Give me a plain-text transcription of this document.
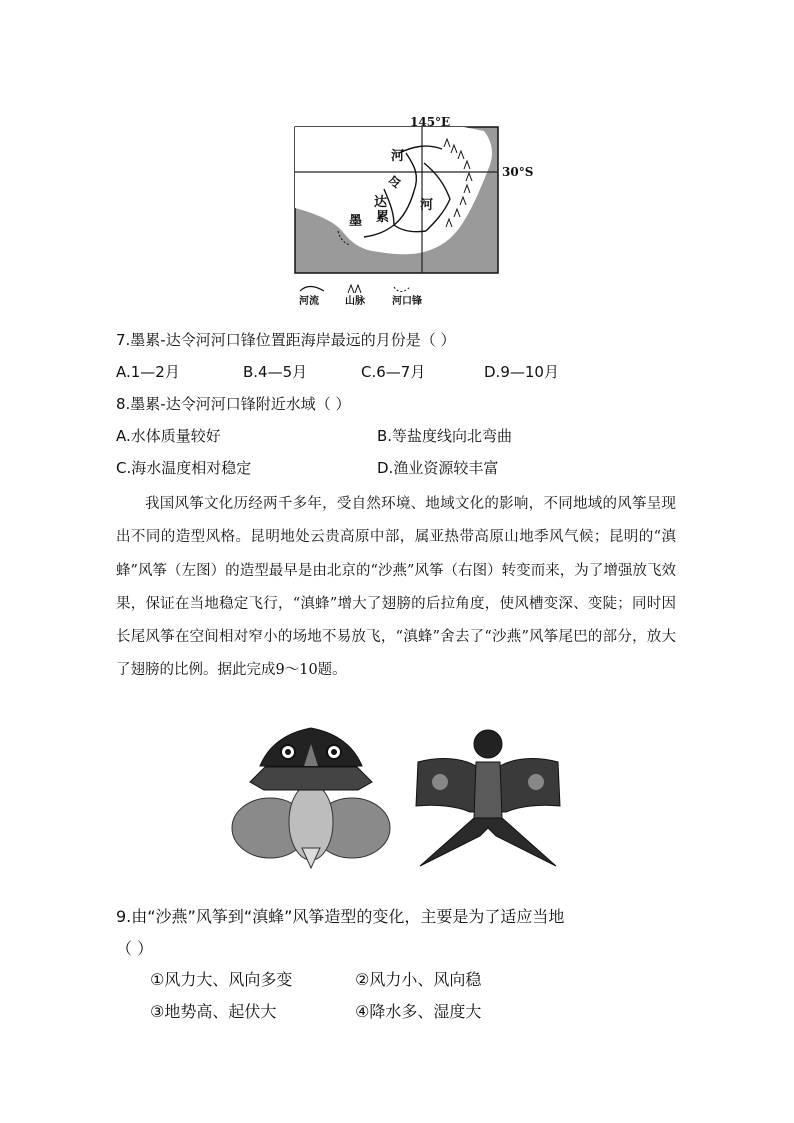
145°E
30°S
河
令
达
墨 累
河
河流	山脉	河口锋
7.墨累-达令河河口锋位置距海岸最远的月份是（ ）
A.1—2月	B.4—5月	C.6—7月	D.9—10月
8.墨累-达令河河口锋附近水域（ ）
A.水体质量较好	B.等盐度线向北弯曲
C.海水温度相对稳定	D.渔业资源较丰富

我国风筝文化历经两千多年，受自然环境、地域文化的影响，不同地域的风筝呈现出不同的造型风格。昆明地处云贵高原中部，属亚热带高原山地季风气候；昆明的“滇蜂”风筝（左图）的造型最早是由北京的“沙燕”风筝（右图）转变而来，为了增强放飞效果，保证在当地稳定飞行，“滇蜂”增大了翅膀的后拉角度，使风槽变深、变陡；同时因长尾风筝在空间相对窄小的场地不易放飞，“滇蜂”舍去了“沙燕”风筝尾巴的部分，放大了翅膀的比例。据此完成9～10题。

9.由“沙燕”风筝到“滇蜂”风筝造型的变化，主要是为了适应当地
（ ）
①风力大、风向多变	②风力小、风向稳
③地势高、起伏大	④降水多、湿度大
